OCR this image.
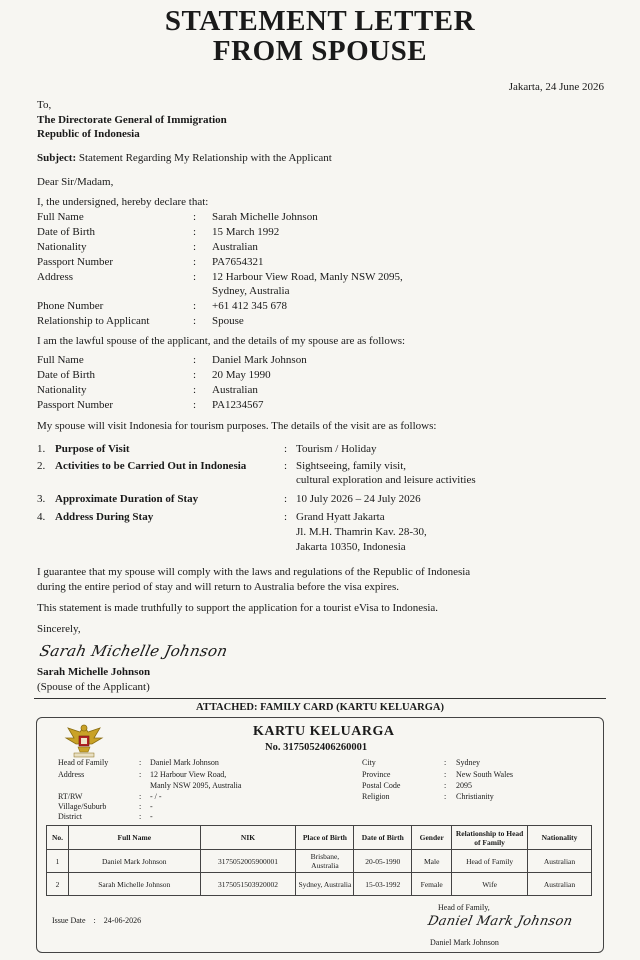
STATEMENT LETTER
FROM SPOUSE
Jakarta, 24 June 2026
To,
The Directorate General of Immigration
Republic of Indonesia
Subject: Statement Regarding My Relationship with the Applicant
Dear Sir/Madam,
I, the undersigned, hereby declare that:
Full Name	: Sarah Michelle Johnson
Date of Birth	: 15 March 1992
Nationality	: Australian
Passport Number	: PA7654321
Address	: 12 Harbour View Road, Manly NSW 2095,
Sydney, Australia
Phone Number	: +61 412 345 678
Relationship to Applicant	: Spouse
I am the lawful spouse of the applicant, and the details of my spouse are as follows:
Full Name	: Daniel Mark Johnson
Date of Birth	: 20 May 1990
Nationality	: Australian
Passport Number	: PA1234567
My spouse will visit Indonesia for tourism purposes. The details of the visit are as follows:
1. Purpose of Visit	: Tourism / Holiday
2. Activities to be Carried Out in Indonesia	: Sightseeing, family visit,
cultural exploration and leisure activities
3. Approximate Duration of Stay	: 10 July 2026 – 24 July 2026
4. Address During Stay	: Grand Hyatt Jakarta
Jl. M.H. Thamrin Kav. 28-30,
Jakarta 10350, Indonesia
I guarantee that my spouse will comply with the laws and regulations of the Republic of Indonesia
during the entire period of stay and will return to Australia before the visa expires.
This statement is made truthfully to support the application for a tourist eVisa to Indonesia.
Sincerely,
Sarah Michelle Johnson
Sarah Michelle Johnson
(Spouse of the Applicant)
ATTACHED: FAMILY CARD (KARTU KELUARGA)
KARTU KELUARGA
No. 3175052406260001
Head of Family	: Daniel Mark Johnson
Address	: 12 Harbour View Road,
Manly NSW 2095, Australia
RT/RW	: - / -
Village/Suburb	: -
District	: -
City	: Sydney
Province	: New South Wales
Postal Code	: 2095
Religion	: Christianity
No.	Full Name	NIK	Place of Birth	Date of Birth	Gender	Relationship to Head of Family	Nationality
1	Daniel Mark Johnson	3175052005900001	Brisbane, Australia	20-05-1990	Male	Head of Family	Australian
2	Sarah Michelle Johnson	3175051503920002	Sydney, Australia	15-03-1992	Female	Wife	Australian
Issue Date : 24-06-2026
Head of Family,
Daniel Mark Johnson
Daniel Mark Johnson
